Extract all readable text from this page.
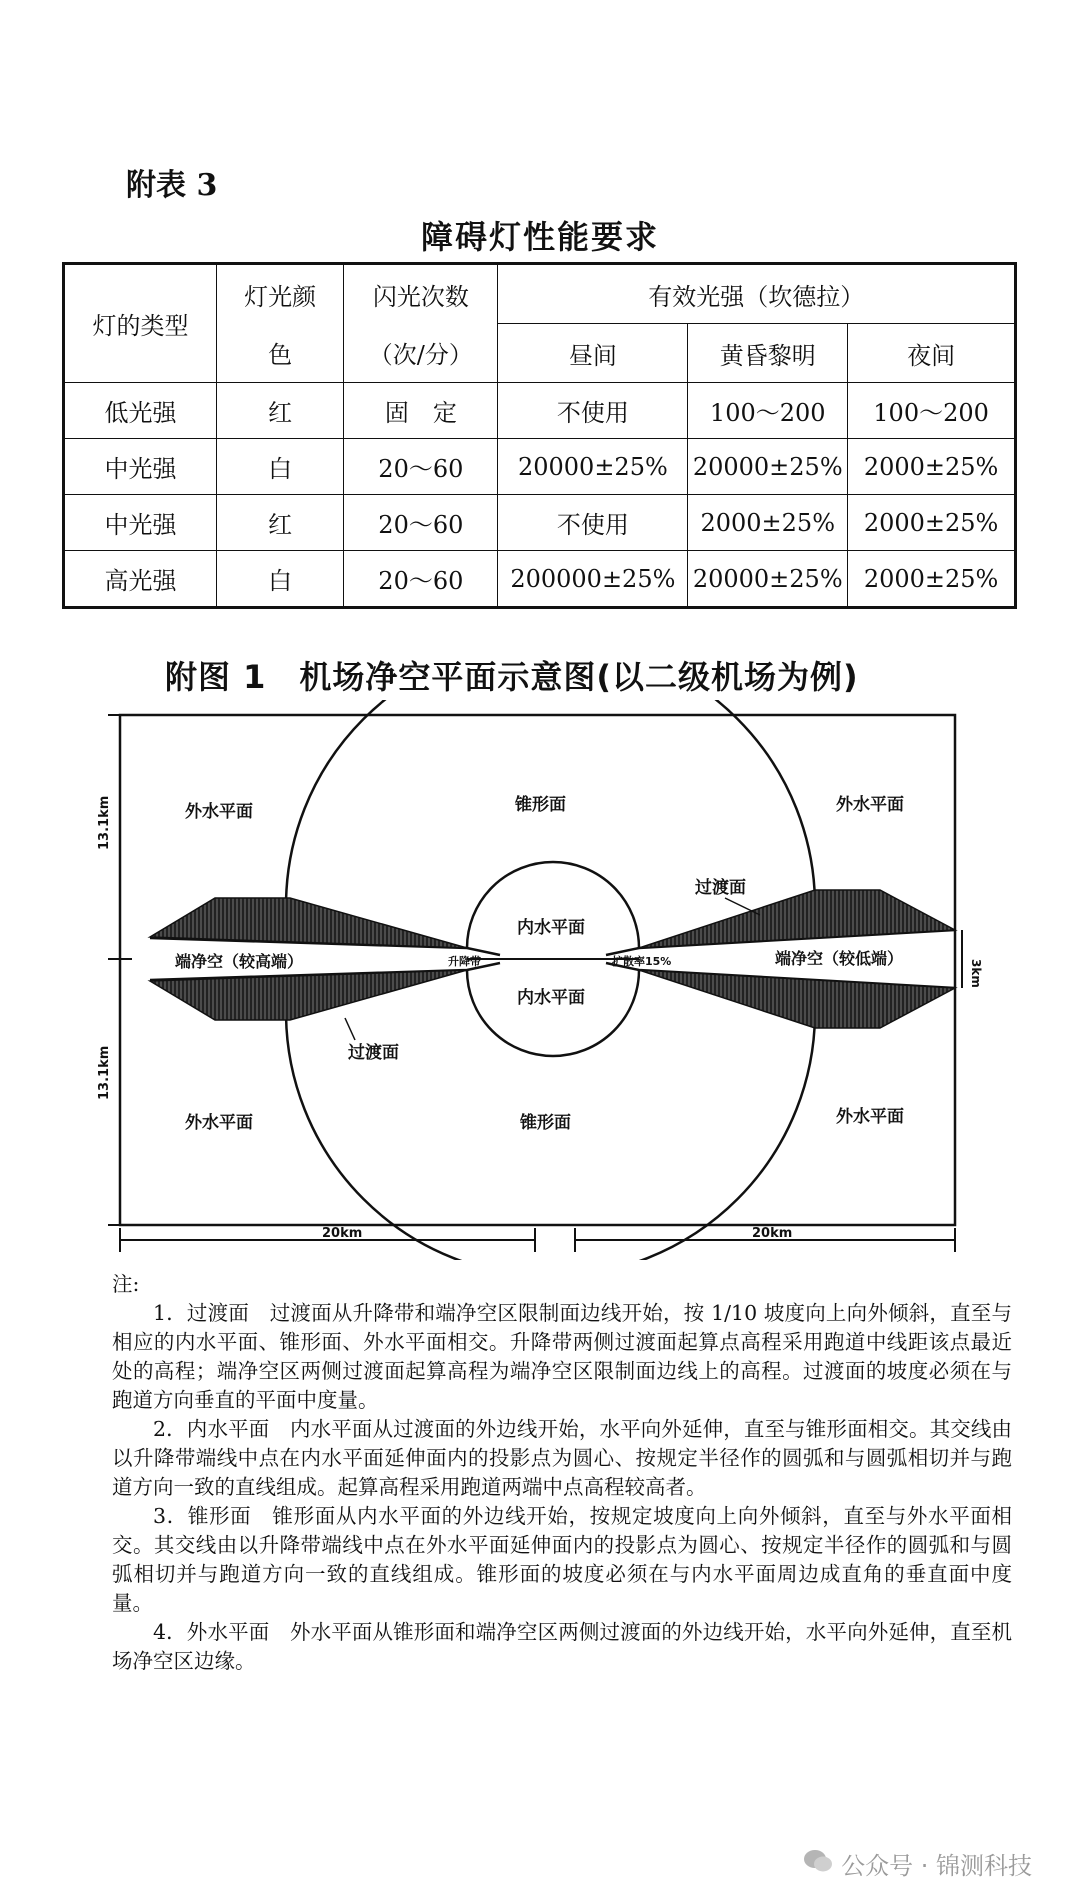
附表 3
障碍灯性能要求
灯的类型	灯光颜	闪光次数	有效光强（坎德拉）		
	色	（次/分）	昼间	黄昏黎明	夜间
低光强	红	固　定	不使用	100～200	100～200
中光强	白	20～60	20000±25%	20000±25%	2000±25%
中光强	红	20～60	不使用	2000±25%	2000±25%
高光强	白	20～60	200000±25%	20000±25%	2000±25%
附图 1　机场净空平面示意图(以二级机场为例)
外水平面	外水平面
外水平面	外水平面
锥形面
锥形面
内水平面
内水平面
过渡面
过渡面
端净空（较高端）	端净空（较低端）
升降带	扩散率15%
13.1km
13.1km
20km	20km
3km

注:

1．过渡面　过渡面从升降带和端净空区限制面边线开始，按 1/10 坡度向上向外倾斜，直至与相应的内水平面、锥形面、外水平面相交。升降带两侧过渡面起算点高程采用跑道中线距该点最近处的高程；端净空区两侧过渡面起算高程为端净空区限制面边线上的高程。过渡面的坡度必须在与跑道方向垂直的平面中度量。

2．内水平面　内水平面从过渡面的外边线开始，水平向外延伸，直至与锥形面相交。其交线由以升降带端线中点在内水平面延伸面内的投影点为圆心、按规定半径作的圆弧和与圆弧相切并与跑道方向一致的直线组成。起算高程采用跑道两端中点高程较高者。

3．锥形面　锥形面从内水平面的外边线开始，按规定坡度向上向外倾斜，直至与外水平面相交。其交线由以升降带端线中点在外水平面延伸面内的投影点为圆心、按规定半径作的圆弧和与圆弧相切并与跑道方向一致的直线组成。锥形面的坡度必须在与内水平面周边成直角的垂直面中度量。

4．外水平面　外水平面从锥形面和端净空区两侧过渡面的外边线开始，水平向外延伸，直至机场净空区边缘。

公众号 · 锦测科技
